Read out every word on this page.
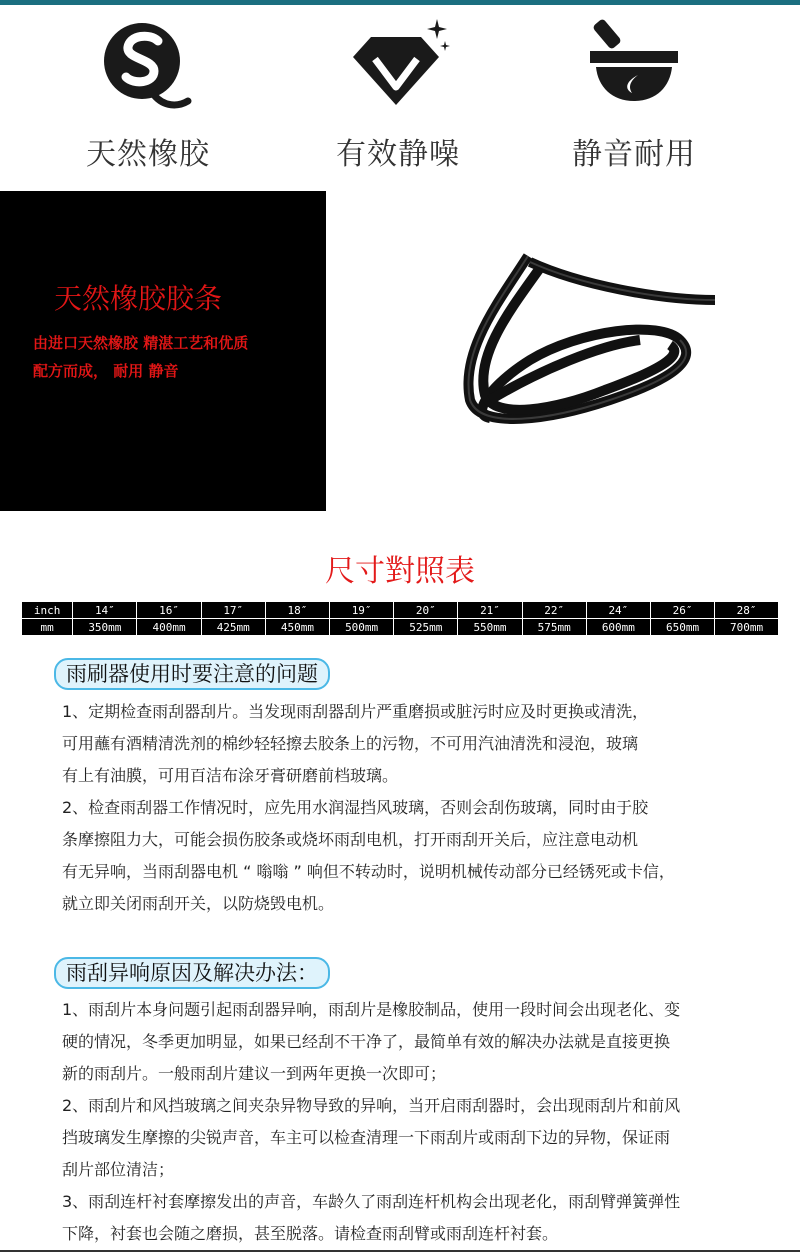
天然橡胶	有效静噪	静音耐用
天然橡胶胶条
由进口天然橡胶 精湛工艺和优质
配方而成， 耐用 静音
尺寸對照表
inch	14″	16″	17″	18″	19″	20″	21″	22″	24″	26″	28″
mm	350mm	400mm	425mm	450mm	500mm	525mm	550mm	575mm	600mm	650mm	700mm
雨刷器使用时要注意的问题
1、定期检查雨刮器刮片。当发现雨刮器刮片严重磨损或脏污时应及时更换或清洗，
可用蘸有酒精清洗剂的棉纱轻轻擦去胶条上的污物，不可用汽油清洗和浸泡，玻璃
有上有油膜，可用百洁布涂牙膏研磨前档玻璃。
2、检查雨刮器工作情况时，应先用水润湿挡风玻璃，否则会刮伤玻璃，同时由于胶
条摩擦阻力大，可能会损伤胶条或烧坏雨刮电机，打开雨刮开关后，应注意电动机
有无异响，当雨刮器电机 “ 嗡嗡 ” 响但不转动时，说明机械传动部分已经锈死或卡信，
就立即关闭雨刮开关，以防烧毁电机。
雨刮异响原因及解决办法：
1、雨刮片本身问题引起雨刮器异响，雨刮片是橡胶制品，使用一段时间会出现老化、变
硬的情况，冬季更加明显，如果已经刮不干净了，最简单有效的解决办法就是直接更换
新的雨刮片。一般雨刮片建议一到两年更换一次即可；
2、雨刮片和风挡玻璃之间夹杂异物导致的异响，当开启雨刮器时，会出现雨刮片和前风
挡玻璃发生摩擦的尖锐声音，车主可以检查清理一下雨刮片或雨刮下边的异物，保证雨
刮片部位清洁；
3、雨刮连杆衬套摩擦发出的声音，车龄久了雨刮连杆机构会出现老化，雨刮臂弹簧弹性
下降，衬套也会随之磨损，甚至脱落。请检查雨刮臂或雨刮连杆衬套。
